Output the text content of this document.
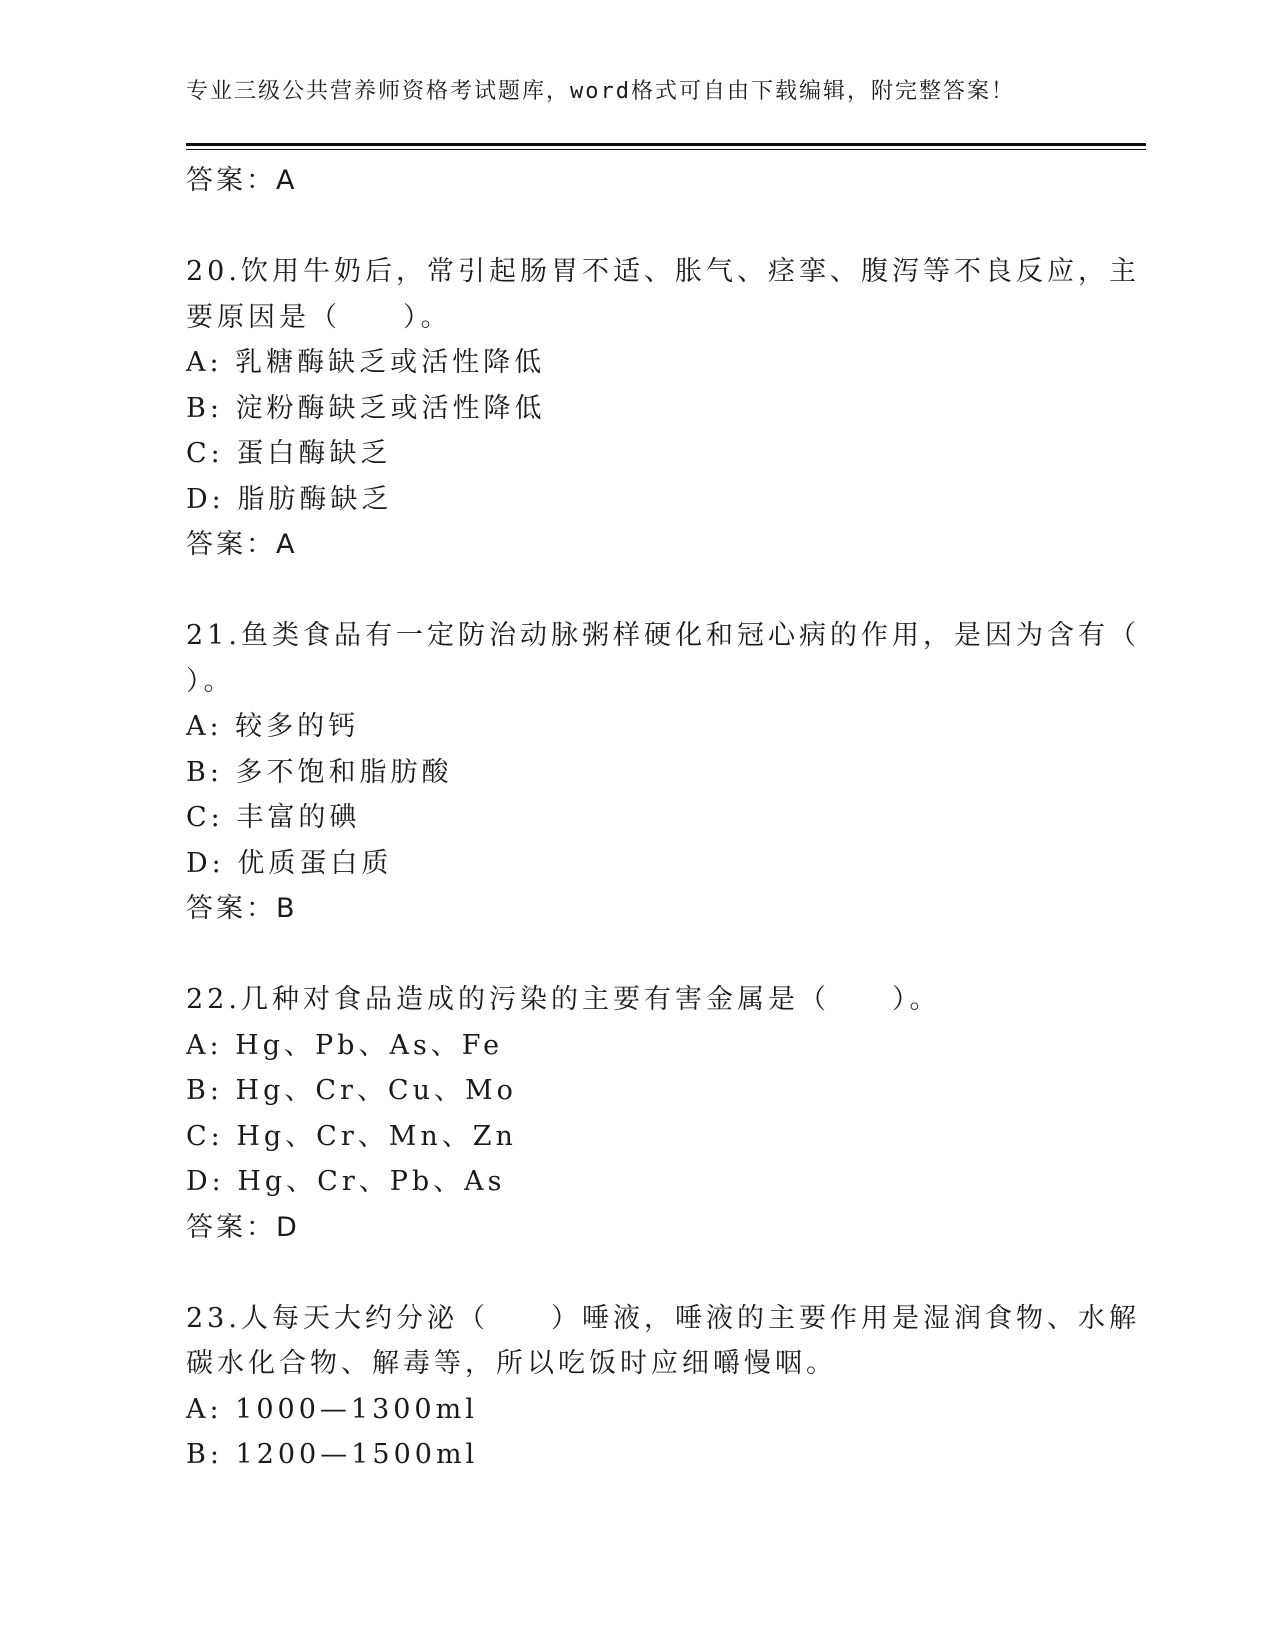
专业三级公共营养师资格考试题库，word格式可自由下载编辑，附完整答案！
答案：A
20.饮用牛奶后，常引起肠胃不适、胀气、痉挛、腹泻等不良反应，主
要原因是（　　）。
A: 乳糖酶缺乏或活性降低
B: 淀粉酶缺乏或活性降低
C: 蛋白酶缺乏
D: 脂肪酶缺乏
答案：A
21.鱼类食品有一定防治动脉粥样硬化和冠心病的作用，是因为含有（
）。
A: 较多的钙
B: 多不饱和脂肪酸
C: 丰富的碘
D: 优质蛋白质
答案：B
22.几种对食品造成的污染的主要有害金属是（　　）。
A: Hg、Pb、As、Fe
B: Hg、Cr、Cu、Mo
C: Hg、Cr、Mn、Zn
D: Hg、Cr、Pb、As
答案：D
23.人每天大约分泌（　　）唾液，唾液的主要作用是湿润食物、水解
碳水化合物、解毒等，所以吃饭时应细嚼慢咽。
A: 1000—1300ml
B: 1200—1500ml
